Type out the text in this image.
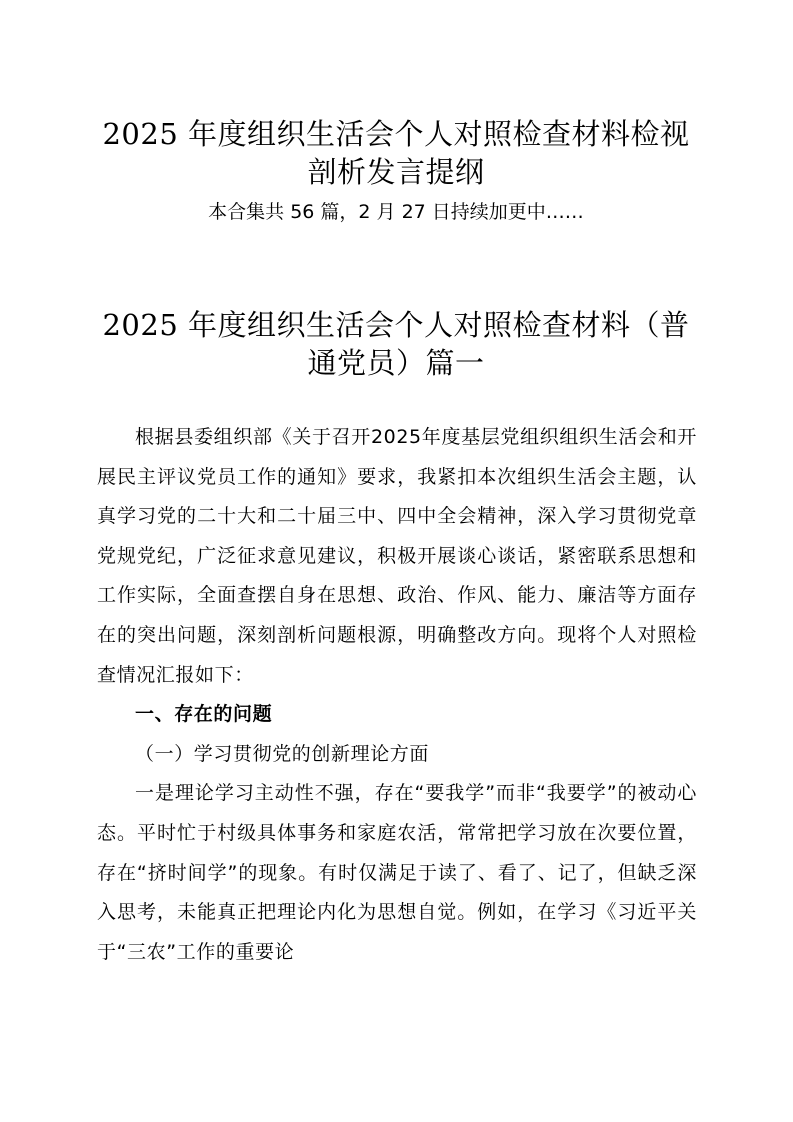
2025 年度组织生活会个人对照检查材料检视剖析发言提纲

本合集共 56 篇，2 月 27 日持续加更中……

2025 年度组织生活会个人对照检查材料（普通党员）篇一

根据县委组织部《关于召开2025年度基层党组织组织生活会和开展民主评议党员工作的通知》要求，我紧扣本次组织生活会主题，认真学习党的二十大和二十届三中、四中全会精神，深入学习贯彻党章党规党纪，广泛征求意见建议，积极开展谈心谈话，紧密联系思想和工作实际，全面查摆自身在思想、政治、作风、能力、廉洁等方面存在的突出问题，深刻剖析问题根源，明确整改方向。现将个人对照检查情况汇报如下：

一、存在的问题

（一）学习贯彻党的创新理论方面

一是理论学习主动性不强，存在“要我学”而非“我要学”的被动心态。平时忙于村级具体事务和家庭农活，常常把学习放在次要位置，存在“挤时间学”的现象。有时仅满足于读了、看了、记了，但缺乏深入思考，未能真正把理论内化为思想自觉。例如，在学习《习近平关于“三农”工作的重要论
